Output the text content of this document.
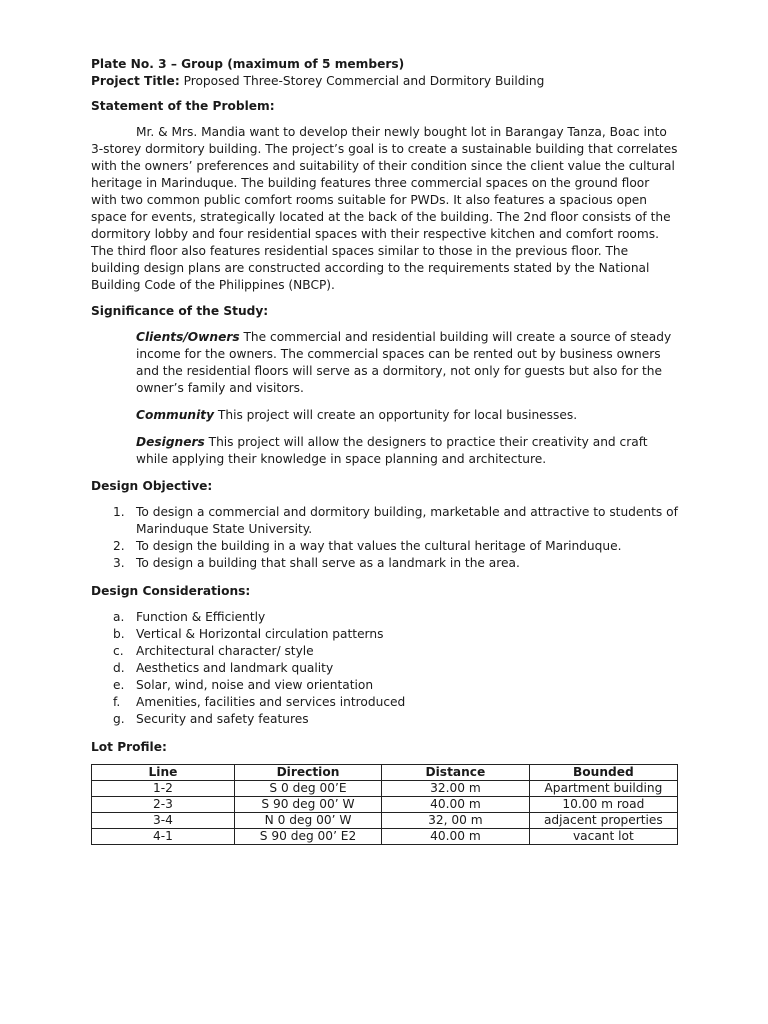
Plate No. 3 – Group (maximum of 5 members)

Project Title: Proposed Three-Storey Commercial and Dormitory Building

Statement of the Problem:

Mr. & Mrs. Mandia want to develop their newly bought lot in Barangay Tanza, Boac into 3-storey dormitory building. The project’s goal is to create a sustainable building that correlates with the owners’ preferences and suitability of their condition since the client value the cultural heritage in Marinduque. The building features three commercial spaces on the ground floor with two common public comfort rooms suitable for PWDs. It also features a spacious open space for events, strategically located at the back of the building. The 2nd floor consists of the dormitory lobby and four residential spaces with their respective kitchen and comfort rooms. The third floor also features residential spaces similar to those in the previous floor. The building design plans are constructed according to the requirements stated by the National Building Code of the Philippines (NBCP).

Significance of the Study:

Clients/Owners The commercial and residential building will create a source of steady income for the owners. The commercial spaces can be rented out by business owners and the residential floors will serve as a dormitory, not only for guests but also for the owner’s family and visitors.
Community This project will create an opportunity for local businesses.
Designers This project will allow the designers to practice their creativity and craft while applying their knowledge in space planning and architecture.

Design Objective:

1. To design a commercial and dormitory building, marketable and attractive to students of Marinduque State University.
2. To design the building in a way that values the cultural heritage of Marinduque.
3. To design a building that shall serve as a landmark in the area.

Design Considerations:

a. Function & Efficiently
b. Vertical & Horizontal circulation patterns
c. Architectural character/ style
d. Aesthetics and landmark quality
e. Solar, wind, noise and view orientation
f. Amenities, facilities and services introduced
g. Security and safety features

Lot Profile:

Line	Direction	Distance	Bounded
1-2	S 0 deg 00’E	32.00 m	Apartment building
2-3	S 90 deg 00’ W	40.00 m	10.00 m road
3-4	N 0 deg 00’ W	32, 00 m	adjacent properties
4-1	S 90 deg 00’ E2	40.00 m	vacant lot
